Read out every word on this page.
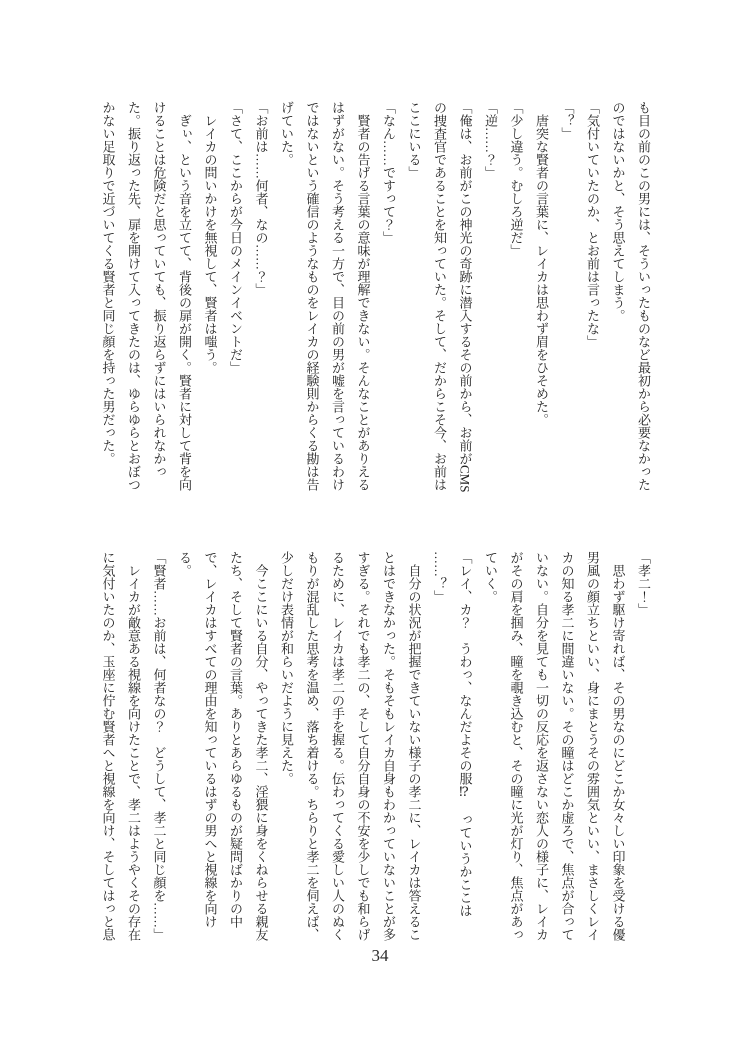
も目の前のこの男には、そういったものなど最初から必要なかった

のではないかと、そう思えてしまう。

「気付いていたのか、とお前は言ったな」

「？」

　唐突な賢者の言葉に、レイカは思わず眉をひそめた。

「少し違う。むしろ逆だ」

「逆……？」

「俺は、お前がこの神光の奇跡に潜入するその前から、お前がCMS

の捜査官であることを知っていた。そして、だからこそ今、お前は

ここにいる」

「なん……ですって？」

　賢者の告げる言葉の意味が理解できない。そんなことがありえる

はずがない。そう考える一方で、目の前の男が嘘を言っているわけ

ではないという確信のようなものをレイカの経験則からくる勘は告

げていた。

「お前は……何者、なの……？」

「さて、ここからが今日のメインイベントだ」

　レイカの問いかけを無視して、賢者は嗤う。

　ぎぃ、という音を立てて、背後の扉が開く。賢者に対して背を向

けることは危険だと思っていても、振り返らずにはいられなかっ

た。振り返った先、扉を開けて入ってきたのは、ゆらゆらとおぼつ

かない足取りで近づいてくる賢者と同じ顔を持った男だった。

「孝二！」

　思わず駆け寄れば、その男なのにどこか女々しい印象を受ける優

男風の顔立ちといい、身にまとうその雰囲気といい、まさしくレイ

カの知る孝二に間違いない。その瞳はどこか虚ろで、焦点が合って

いない。自分を見ても一切の反応を返さない恋人の様子に、レイカ

がその肩を掴み、瞳を覗き込むと、その瞳に光が灯り、焦点があっ

ていく。

「レイ、カ？　うわっ、なんだよその服⁉　っていうかここは

……？」

　自分の状況が把握できていない様子の孝二に、レイカは答えるこ

とはできなかった。そもそもレイカ自身もわかっていないことが多

すぎる。それでも孝二の、そして自分自身の不安を少しでも和らげ

るために、レイカは孝二の手を握る。伝わってくる愛しい人のぬく

もりが混乱した思考を温め、落ち着ける。ちらりと孝二を伺えば、

少しだけ表情が和らいだように見えた。

　今ここにいる自分、やってきた孝二、淫猥に身をくねらせる親友

たち、そして賢者の言葉。ありとあらゆるものが疑問ばかりの中

で、レイカはすべての理由を知っているはずの男へと視線を向け

る。

「賢者……お前は、何者なの？　どうして、孝二と同じ顔を……」

　レイカが敵意ある視線を向けたことで、孝二はようやくその存在

に気付いたのか、玉座に佇む賢者へと視線を向け、そしてはっと息

34
